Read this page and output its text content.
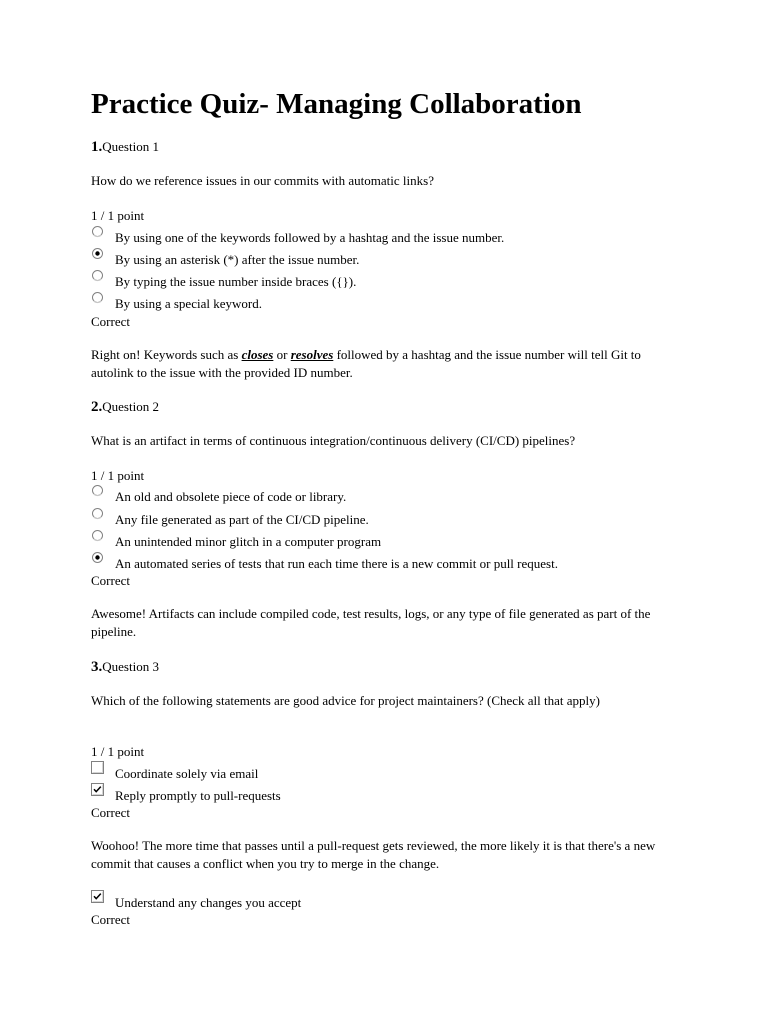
Practice Quiz- Managing Collaboration
1.Question 1
How do we reference issues in our commits with automatic links?
1 / 1 point
By using one of the keywords followed by a hashtag and the issue number.
By using an asterisk (*) after the issue number.
By typing the issue number inside braces ({}).
By using a special keyword.
Correct
Right on! Keywords such as closes or resolves followed by a hashtag and the issue number will tell Git to autolink to the issue with the provided ID number.
2.Question 2
What is an artifact in terms of continuous integration/continuous delivery (CI/CD) pipelines?
1 / 1 point
An old and obsolete piece of code or library.
Any file generated as part of the CI/CD pipeline.
An unintended minor glitch in a computer program
An automated series of tests that run each time there is a new commit or pull request.
Correct
Awesome! Artifacts can include compiled code, test results, logs, or any type of file generated as part of the pipeline.
3.Question 3
Which of the following statements are good advice for project maintainers? (Check all that apply)
1 / 1 point
Coordinate solely via email
Reply promptly to pull-requests
Correct
Woohoo! The more time that passes until a pull-request gets reviewed, the more likely it is that there's a new commit that causes a conflict when you try to merge in the change.
Understand any changes you accept
Correct
